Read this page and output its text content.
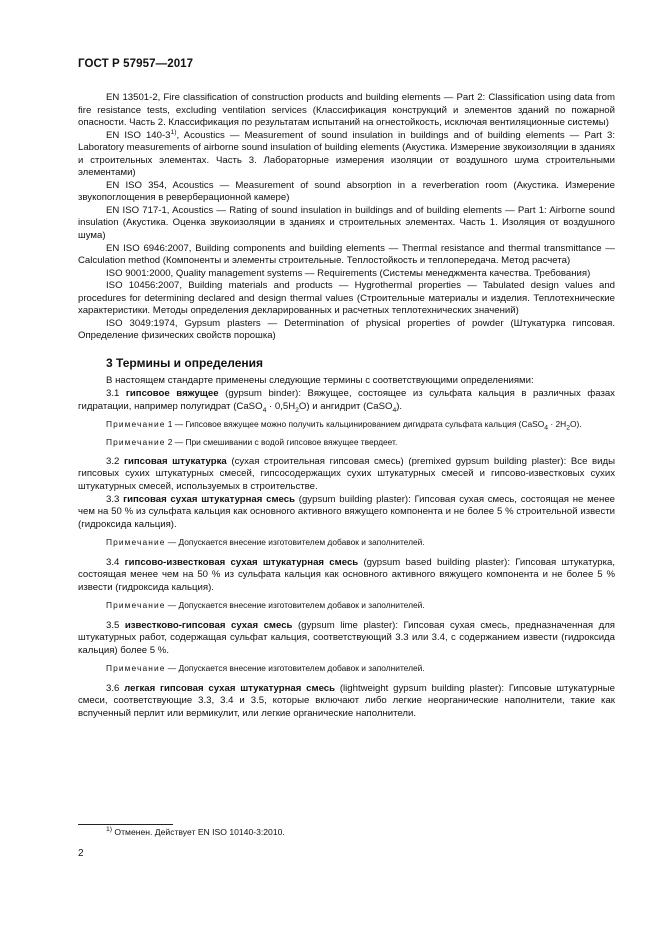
ГОСТ Р 57957—2017

EN 13501-2, Fire classification of construction products and building elements — Part 2: Classification using data from fire resistance tests, excluding ventilation services (Классификация конструкций и элементов зданий по пожарной опасности. Часть 2. Классификация по результатам испытаний на огнестойкость, исключая вентиляционные системы)

EN ISO 140-3$^{1)}$, Acoustics — Measurement of sound insulation in buildings and of building elements — Part 3: Laboratory measurements of airborne sound insulation of building elements (Акустика. Измерение звукоизоляции в зданиях и строительных элементах. Часть 3. Лабораторные измерения изоляции от воздушного шума строительными элементами)

EN ISO 354, Acoustics — Measurement of sound absorption in a reverberation room (Акустика. Измерение звукопоглощения в реверберационной камере)

EN ISO 717-1, Acoustics — Rating of sound insulation in buildings and of building elements — Part 1: Airborne sound insulation (Акустика. Оценка звукоизоляции в зданиях и строительных элементах. Часть 1. Изоляция от воздушного шума)

EN ISO 6946:2007, Building components and building elements — Thermal resistance and thermal transmittance — Calculation method (Компоненты и элементы строительные. Теплостойкость и теплопередача. Метод расчета)

ISO 9001:2000, Quality management systems — Requirements (Системы менеджмента качества. Требования)

ISO 10456:2007, Building materials and products — Hygrothermal properties — Tabulated design values and procedures for determining declared and design thermal values (Строительные материалы и изделия. Теплотехнические характеристики. Методы определения декларированных и расчетных теплотехнических значений)

ISO 3049:1974, Gypsum plasters — Determination of physical properties of powder (Штукатурка гипсовая. Определение физических свойств порошка)

3 Термины и определения

В настоящем стандарте применены следующие термины с соответствующими определениями:

3.1 гипсовое вяжущее (gypsum binder): Вяжущее, состоящее из сульфата кальция в различных фазах гидратации, например полугидрат (CaSO$_4$ · $0,5H_2O$) и ангидрит (CaSO$_4$).

Примечание 1 — Гипсовое вяжущее можно получить кальцинированием дигидрата сульфата кальция (CaSO$_4$ · $2H_2O$).

Примечание 2 — При смешивании с водой гипсовое вяжущее твердеет.

3.2 гипсовая штукатурка (сухая строительная гипсовая смесь) (premixed gypsum building plaster): Все виды гипсовых сухих штукатурных смесей, гипсосодержащих сухих штукатурных смесей и гипсово-известковых сухих штукатурных смесей, используемых в строительстве.

3.3 гипсовая сухая штукатурная смесь (gypsum building plaster): Гипсовая сухая смесь, состоящая не менее чем на 50 % из сульфата кальция как основного активного вяжущего компонента и не более 5 % строительной извести (гидроксида кальция).

Примечание — Допускается внесение изготовителем добавок и заполнителей.

3.4 гипсово-известковая сухая штукатурная смесь (gypsum based building plaster): Гипсовая штукатурка, состоящая менее чем на 50 % из сульфата кальция как основного активного вяжущего компонента и не более 5 % извести (гидроксида кальция).

Примечание — Допускается внесение изготовителем добавок и заполнителей.

3.5 известково-гипсовая сухая смесь (gypsum lime plaster): Гипсовая сухая смесь, предназначенная для штукатурных работ, содержащая сульфат кальция, соответствующий 3.3 или 3.4, с содержанием извести (гидроксида кальция) более 5 %.

Примечание — Допускается внесение изготовителем добавок и заполнителей.

3.6 легкая гипсовая сухая штукатурная смесь (lightweight gypsum building plaster): Гипсовые штукатурные смеси, соответствующие 3.3, 3.4 и 3.5, которые включают либо легкие неорганические наполнители, такие как вспученный перлит или вермикулит, или легкие органические наполнители.

$^{1)}$ Отменен. Действует EN ISO 10140-3:2010.
2
